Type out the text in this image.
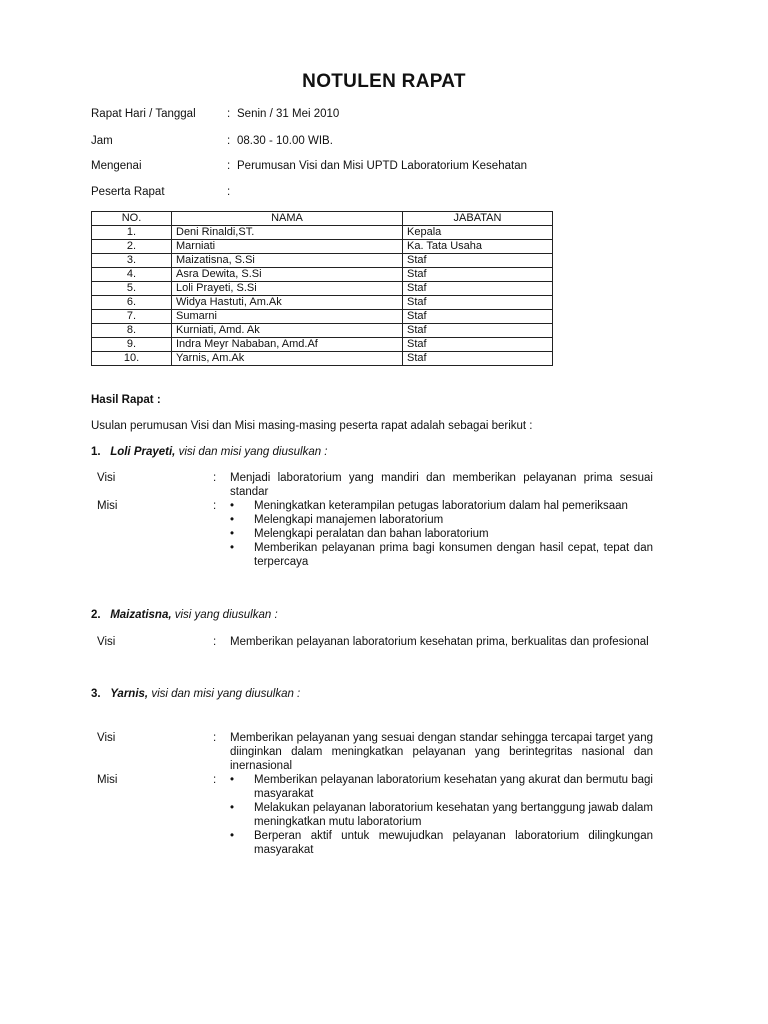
NOTULEN RAPAT
Rapat Hari / Tanggal	: Senin / 31 Mei 2010
Jam	: 08.30 - 10.00 WIB.
Mengenai	: Perumusan Visi dan Misi UPTD Laboratorium Kesehatan
Peserta Rapat	:
NO.	NAMA	JABATAN
1.	Deni Rinaldi,ST.	Kepala
2.	Marniati	Ka. Tata Usaha
3.	Maizatisna, S.Si	Staf
4.	Asra Dewita, S.Si	Staf
5.	Loli Prayeti, S.Si	Staf
6.	Widya Hastuti, Am.Ak	Staf
7.	Sumarni	Staf
8.	Kurniati, Amd. Ak	Staf
9.	Indra Meyr Nababan, Amd.Af	Staf
10.	Yarnis, Am.Ak	Staf
Hasil Rapat :
Usulan perumusan Visi dan Misi masing-masing peserta rapat adalah sebagai berikut :
1. Loli Prayeti, visi dan misi yang diusulkan :
Visi	: Menjadi laboratorium yang mandiri dan memberikan pelayanan prima sesuai standar
Misi	: • Meningkatkan keterampilan petugas laboratorium dalam hal pemeriksaan
• Melengkapi manajemen laboratorium
• Melengkapi peralatan dan bahan laboratorium
• Memberikan pelayanan prima bagi konsumen dengan hasil cepat, tepat dan terpercaya
2. Maizatisna, visi yang diusulkan :
Visi	: Memberikan pelayanan laboratorium kesehatan prima, berkualitas dan profesional
3. Yarnis, visi dan misi yang diusulkan :
Visi	: Memberikan pelayanan yang sesuai dengan standar sehingga tercapai target yang diinginkan dalam meningkatkan pelayanan yang berintegritas nasional dan inernasional
Misi	: • Memberikan pelayanan laboratorium kesehatan yang akurat dan bermutu bagi masyarakat
• Melakukan pelayanan laboratorium kesehatan yang bertanggung jawab dalam meningkatkan mutu laboratorium
• Berperan aktif untuk mewujudkan pelayanan laboratorium dilingkungan masyarakat
